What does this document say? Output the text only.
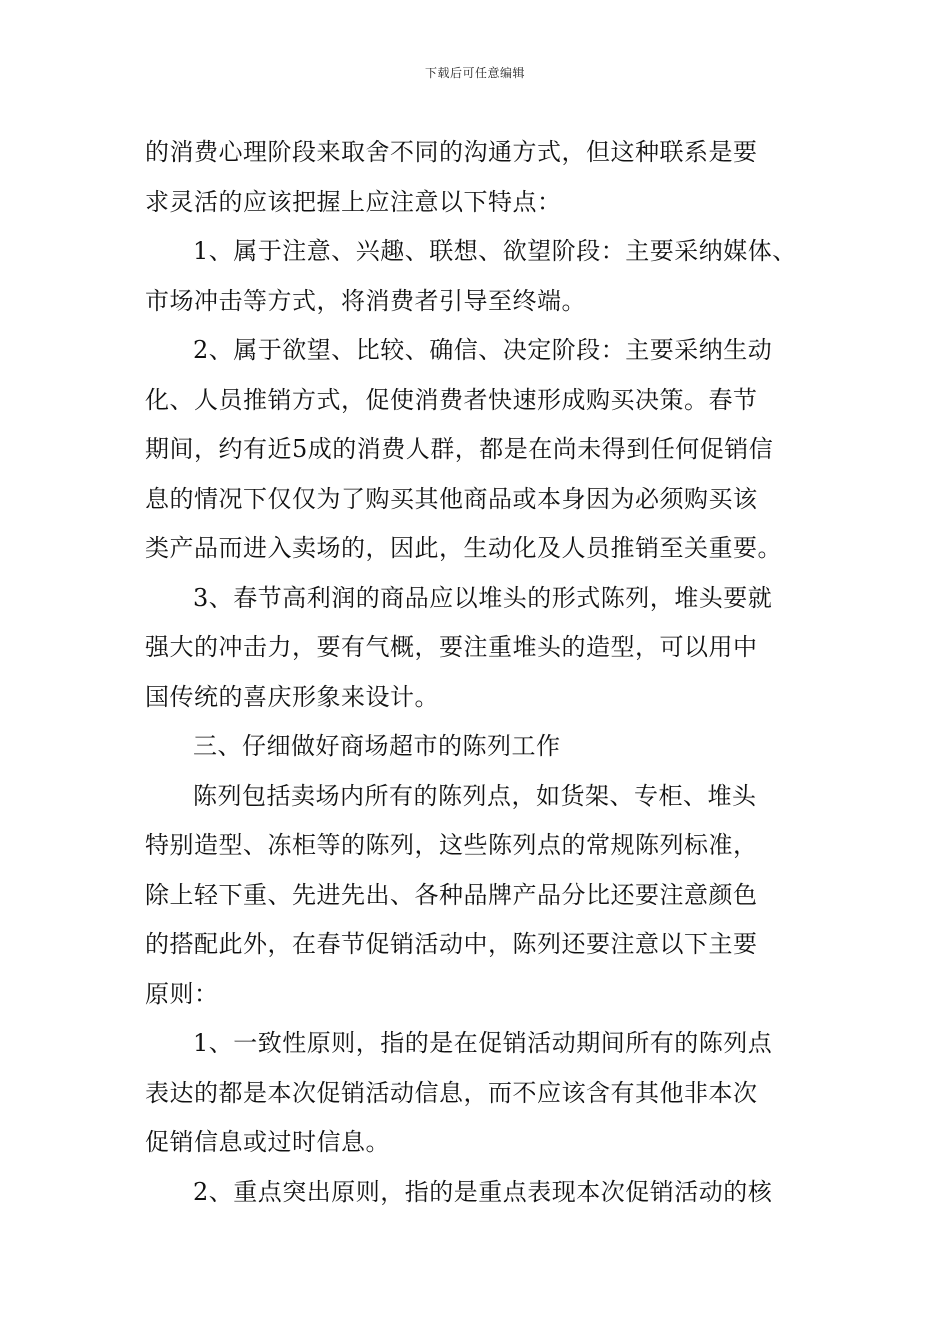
下载后可任意编辑
的消费心理阶段来取舍不同的沟通方式，但这种联系是要
求灵活的应该把握上应注意以下特点：
1、属于注意、兴趣、联想、欲望阶段：主要采纳媒体、
市场冲击等方式，将消费者引导至终端。
2、属于欲望、比较、确信、决定阶段：主要采纳生动
化、人员推销方式，促使消费者快速形成购买决策。春节
期间，约有近5成的消费人群，都是在尚未得到任何促销信
息的情况下仅仅为了购买其他商品或本身因为必须购买该
类产品而进入卖场的，因此，生动化及人员推销至关重要。
3、春节高利润的商品应以堆头的形式陈列，堆头要就
强大的冲击力，要有气概，要注重堆头的造型，可以用中
国传统的喜庆形象来设计。
三、仔细做好商场超市的陈列工作
陈列包括卖场内所有的陈列点，如货架、专柜、堆头
特别造型、冻柜等的陈列，这些陈列点的常规陈列标准，
除上轻下重、先进先出、各种品牌产品分比还要注意颜色
的搭配此外，在春节促销活动中，陈列还要注意以下主要
原则：
1、一致性原则，指的是在促销活动期间所有的陈列点
表达的都是本次促销活动信息，而不应该含有其他非本次
促销信息或过时信息。
2、重点突出原则，指的是重点表现本次促销活动的核
